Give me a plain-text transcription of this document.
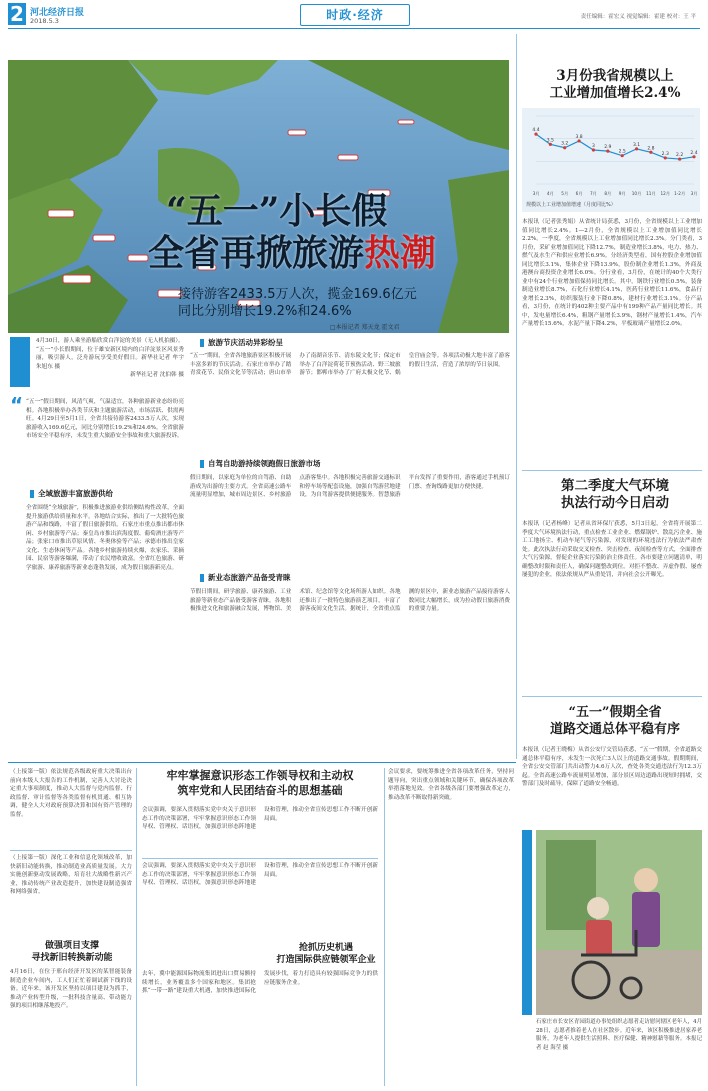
2 河北经济日报
2018.5.3	时政·经济	责任编辑：霍宏义 视觉编辑：霍建 校对：王 平
“五一”小长假
全省再掀旅游热潮
接待游客2433.5万人次，揽金169.6亿元
同比分别增长19.2%和24.6%
4月30日，游人乘坐游船欣赏白洋淀的美景（无人机拍摄）。
“五一”小长假期间，位于雄安新区境内的白洋淀景区风景秀丽，吸引游人，泛舟游玩享受美好假日。新华社记者 牟宇 朱旭东 摄
新华社记者 沈伯韩 摄
□本报记者 郑天龙 霍文君
“ “五一”假日期间，风清气爽，气温适宜，各种旅游新业态纷纷亮相。各地积极举办各类节庆和主题旅游活动，市场活跃、供需两旺。4月29日至5月1日，全省共接待游客2433.5万人次，实现旅游收入169.6亿元，同比分别增长19.2%和24.6%。全省旅游市场安全平稳有序，未发生重大旅游安全事故和重大旅游投诉。
全域旅游丰富旅游供给
全省围绕“全域旅游”，积极推进旅游业供给侧结构性改革，全面提升旅游供给质量和水平。各地结合实际，推出了一大批特色旅游产品和线路，丰富了假日旅游供给。石家庄市重点推出都市休闲、乡村旅游等产品；秦皇岛市推出滨海度假、葡萄酒庄游等产品；张家口市推出草原风情、冬奥体验等产品；承德市推出皇家文化、生态休闲等产品。各地乡村旅游持续火爆，农家乐、采摘园、民宿等游客爆满，带动了农民增收致富。全省红色旅游、研学旅游、康养旅游等新业态蓬勃发展，成为假日旅游新亮点。
旅游节庆活动异彩纷呈
“五一”期间，全省各地旅游景区积极开展丰富多彩的节庆活动。石家庄市举办了踏青赏花节、民俗文化节等活动；唐山市举办了南湖音乐节、清东陵文化节；保定市举办了白洋淀荷花节预热活动、野三坡旅游节；邯郸市举办了广府太极文化节、娲皇宫庙会等。各项活动极大地丰富了游客的假日生活，营造了浓厚的节日氛围。
自驾自助游持续领跑假日旅游市场
假日期间，以家庭为单位的自驾游、自助游成为出游的主要方式。全省高速公路车流量明显增加，城市周边景区、乡村旅游点游客集中。各地积极完善旅游交通标识和停车场等配套设施，加强自驾游营地建设，为自驾游客提供便捷服务。智慧旅游平台发挥了重要作用，游客通过手机预订门票、查询线路更加方便快捷。
新业态旅游产品备受青睐
节假日期间，研学旅游、康养旅游、工业旅游等新业态产品备受游客青睐。各地积极推进文化和旅游融合发展，博物馆、美术馆、纪念馆等文化场所游人如织。各地还推出了一批特色旅游演艺项目，丰富了游客夜间文化生活。据统计，全省重点监测的景区中，新业态旅游产品接待游客人数同比大幅增长，成为拉动假日旅游消费的重要力量。
3月份我省规模以上
工业增加值增长2.4%
4.4
3月
3.5
4月
3.2
5月
3.8
6月
3
7月
2.9
8月
2.5
9月
3.1
10月
2.8
11月
2.3
12月
2.2
1-2月
2.4
3月
规模以上工业增加值增速（月度同比%）
本报讯（记者张秀娟）从省统计局获悉，3月份，全省规模以上工业增加值同比增长2.4%。1—2月份，全省规模以上工业增加值同比增长2.2%。一季度，全省规模以上工业增加值同比增长2.3%。分门类看，3月份，采矿业增加值同比下降12.7%，制造业增长3.8%，电力、热力、燃气及水生产和供应业增长6.9%。分经济类型看，国有控股企业增加值同比增长3.1%，集体企业下降13.9%，股份制企业增长1.3%，外商及港澳台商投资企业增长6.0%。分行业看，3月份，在统计的40个大类行业中有24个行业增加值保持同比增长。其中，钢铁行业增长0.5%，装备制造业增长8.7%，石化行业增长4.1%，医药行业增长11.6%，食品行业增长2.3%，纺织服装行业下降0.8%，建材行业增长3.1%。分产品看，3月份，在统计的402种主要产品中有199种产品产量同比增长。其中，发电量增长6.4%，粗钢产量增长3.9%，钢材产量增长1.4%，汽车产量增长15.6%，水泥产量下降4.2%，平板玻璃产量增长2.0%。
第二季度大气环境
执法行动今日启动
本报讯（记者杨峰）记者从省环保厅获悉，5月3日起，全省将开展第二季度大气环境执法行动，重点检查工业企业、燃煤锅炉、散乱污企业、施工工地扬尘、机动车尾气等污染源，对发现的环境违法行为依法严肃查处。此次执法行动采取交叉检查、突击检查、夜间检查等方式，全面排查大气污染源，督促企业落实污染防治主体责任。各市要建立问题清单，明确整改时限和责任人，确保问题整改到位。对拒不整改、弄虚作假、屡查屡犯的企业，依法依规从严从重处罚，并向社会公开曝光。
“五一”假期全省
道路交通总体平稳有序
本报讯（记者王晓梅）从省公安厅交管局获悉，“五一”假期，全省道路交通总体平稳有序，未发生一次死亡3人以上的道路交通事故。假期期间，全省公安交管部门共出动警力4.6万人次，查处各类交通违法行为12.3万起。全省高速公路车流量明显增加，部分景区周边道路出现短时拥堵，交警部门及时疏导，保障了道路安全畅通。
石家庄市长安区青园街道办事处组织志愿者走访慰问辖区老年人，4月28日，志愿者推着老人在社区散步。近年来，该区积极推进居家养老服务，为老年人提供生活照料、医疗保健、精神慰藉等服务。本报记者 赵 海莹 摄
（上接第一版）依法规范各级政府重大决策出台前向本级人大报告的工作机制，完善人大讨论决定重大事项制度，推动人大监督与党内监督、行政监督、审计监督等各类监督有机贯通、相互协调，健全人大对政府预算决算和国有资产管理的监督。
（上接第一版）深化工业和信息化领域改革，加快新旧动能转换，推动制造业高质量发展。大力实施创新驱动发展战略，培育壮大战略性新兴产业，推动传统产业改造提升，加快建设制造强省和网络强省。
做强项目支撑
寻找新旧转换新动能
4月16日，在位于邢台经济开发区的某智能装备制造企业车间内，工人们正忙着调试新下线的设备。近年来，该开发区坚持以项目建设为抓手，推动产业转型升级，一批科技含量高、带动能力强的项目相继落地投产。
牢牢掌握意识形态工作领导权和主动权
筑牢党和人民团结奋斗的思想基础
会议强调，要深入贯彻落实党中央关于意识形态工作的决策部署，牢牢掌握意识形态工作领导权、管理权、话语权，加强意识形态阵地建设和管理，推动全省宣传思想工作不断开创新局面。
会议强调，要深入贯彻落实党中央关于意识形态工作的决策部署，牢牢掌握意识形态工作领导权、管理权、话语权，加强意识形态阵地建设和管理，推动全省宣传思想工作不断开创新局面。
抢抓历史机遇
打造国际供应链领军企业
去年，冀中能源国际物流集团进出口贸易额持续增长，业务覆盖多个国家和地区。集团抢抓“一带一路”建设重大机遇，加快推进国际化发展步伐，着力打造具有较强国际竞争力的供应链服务企业。
会议要求，要统筹推进全省各项改革任务，坚持问题导向，突出重点领域和关键环节，确保各项改革举措落地见效。全省各级各部门要增强改革定力，推动改革不断取得新突破。
